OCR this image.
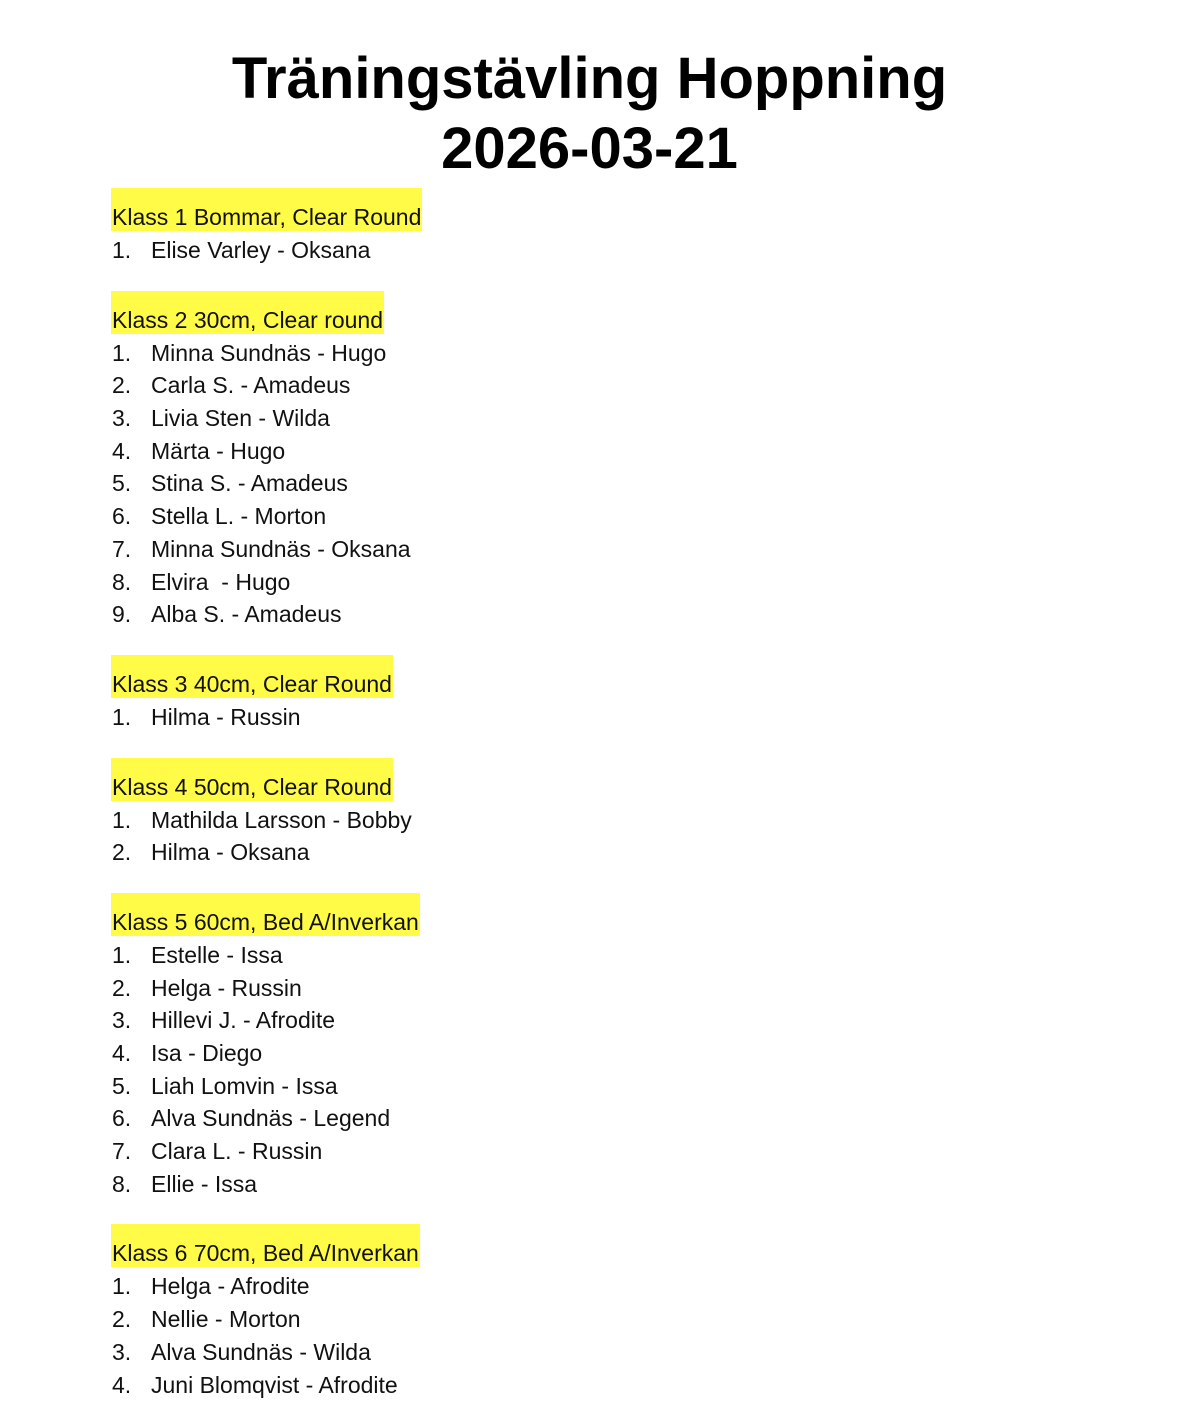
Träningstävling Hoppning
2026-03-21
Klass 1 Bommar, Clear Round
1. Elise Varley - Oksana
Klass 2 30cm, Clear round
1. Minna Sundnäs - Hugo
2. Carla S. - Amadeus
3. Livia Sten - Wilda
4. Märta - Hugo
5. Stina S. - Amadeus
6. Stella L. - Morton
7. Minna Sundnäs - Oksana
8. Elvira  - Hugo
9. Alba S. - Amadeus
Klass 3 40cm, Clear Round
1. Hilma - Russin
Klass 4 50cm, Clear Round
1. Mathilda Larsson - Bobby
2. Hilma - Oksana
Klass 5 60cm, Bed A/Inverkan
1. Estelle - Issa
2. Helga - Russin
3. Hillevi J. - Afrodite
4. Isa - Diego
5. Liah Lomvin - Issa
6. Alva Sundnäs - Legend
7. Clara L. - Russin
8. Ellie - Issa
Klass 6 70cm, Bed A/Inverkan
1. Helga - Afrodite
2. Nellie - Morton
3. Alva Sundnäs - Wilda
4. Juni Blomqvist - Afrodite
